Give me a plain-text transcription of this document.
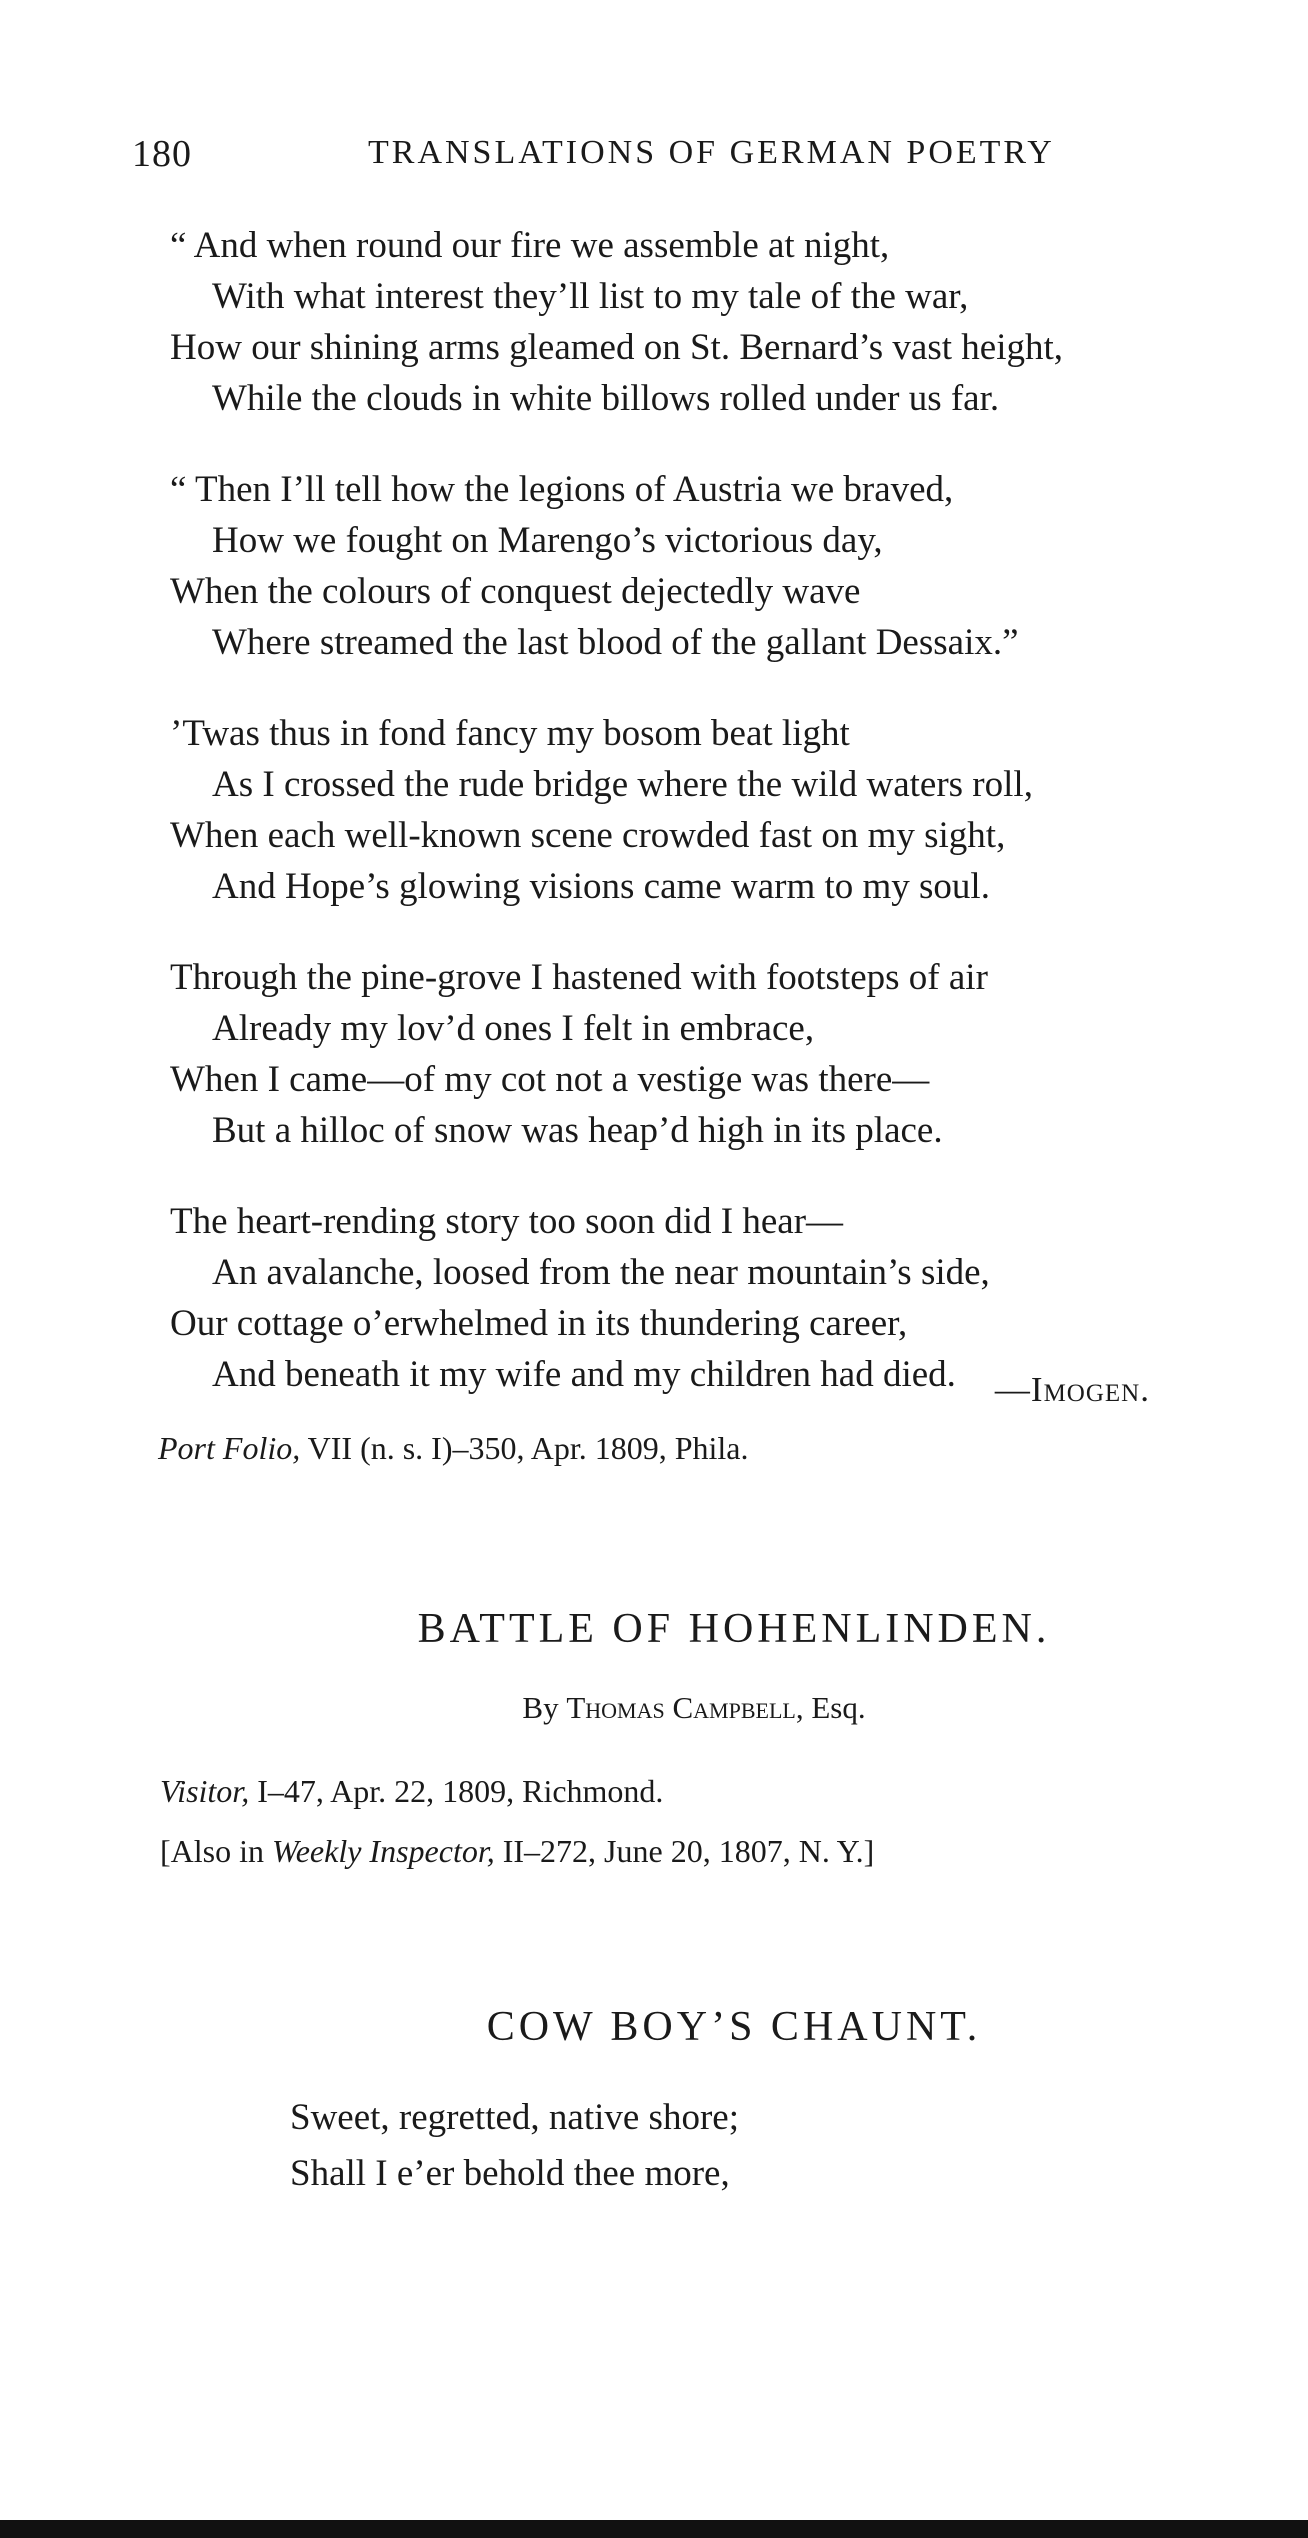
180	TRANSLATIONS OF GERMAN POETRY
“ And when round our fire we assemble at night,
With what interest they’ll list to my tale of the war,
How our shining arms gleamed on St. Bernard’s vast height,
While the clouds in white billows rolled under us far.
“ Then I’ll tell how the legions of Austria we braved,
How we fought on Marengo’s victorious day,
When the colours of conquest dejectedly wave
Where streamed the last blood of the gallant Dessaix.”
’Twas thus in fond fancy my bosom beat light
As I crossed the rude bridge where the wild waters roll,
When each well-known scene crowded fast on my sight,
And Hope’s glowing visions came warm to my soul.
Through the pine-grove I hastened with footsteps of air
Already my lov’d ones I felt in embrace,
When I came—of my cot not a vestige was there—
But a hilloc of snow was heap’d high in its place.
The heart-rending story too soon did I hear—
An avalanche, loosed from the near mountain’s side,
Our cottage o’erwhelmed in its thundering career,
And beneath it my wife and my children had died.	—Imogen.
Port Folio, VII (n. s. I)–350, Apr. 1809, Phila.
BATTLE OF HOHENLINDEN.
By Thomas Campbell, Esq.
Visitor, I–47, Apr. 22, 1809, Richmond.
[Also in Weekly Inspector, II–272, June 20, 1807, N. Y.]
COW BOY’S CHAUNT.
Sweet, regretted, native shore;
Shall I e’er behold thee more,
